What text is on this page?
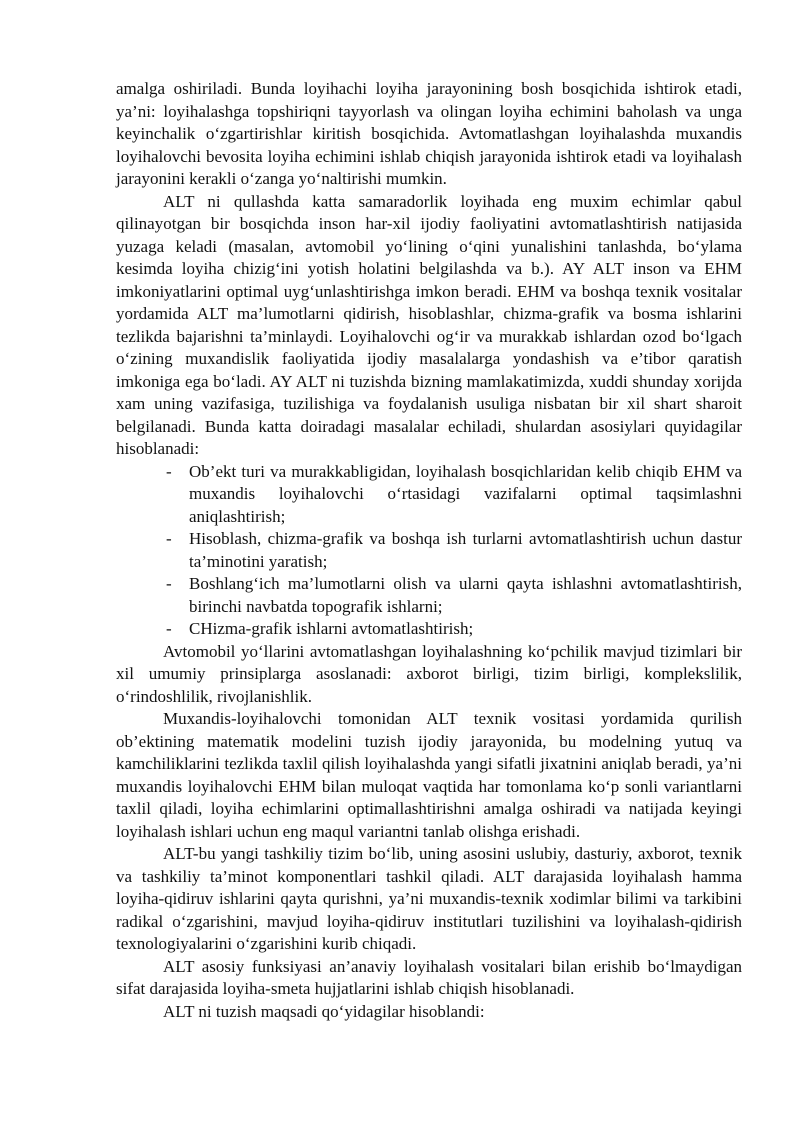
amalga oshiriladi. Bunda loyihachi loyiha jarayonining bosh bosqichida ishtirok etadi, ya’ni: loyihalashga topshiriqni tayyorlash va olingan loyiha echimini baholash va unga keyinchalik o‘zgartirishlar kiritish bosqichida. Avtomatlashgan loyihalashda muxandis loyihalovchi bevosita loyiha echimini ishlab chiqish jarayonida ishtirok etadi va loyihalash jarayonini kerakli o‘zanga yo‘naltirishi mumkin.

ALT ni qullashda katta samaradorlik loyihada eng muxim echimlar qabul qilinayotgan bir bosqichda inson har-xil ijodiy faoliyatini avtomatlashtirish natijasida yuzaga keladi (masalan, avtomobil yo‘lining o‘qini yunalishini tanlashda, bo‘ylama kesimda loyiha chizig‘ini yotish holatini belgilashda va b.). AY ALT inson va EHM imkoniyatlarini optimal uyg‘unlashtirishga imkon beradi. EHM va boshqa texnik vositalar yordamida ALT ma’lumotlarni qidirish, hisoblashlar, chizma-grafik va bosma ishlarini tezlikda bajarishni ta’minlaydi. Loyihalovchi og‘ir va murakkab ishlardan ozod bo‘lgach o‘zining muxandislik faoliyatida ijodiy masalalarga yondashish va e’tibor qaratish imkoniga ega bo‘ladi. AY ALT ni tuzishda bizning mamlakatimizda, xuddi shunday xorijda xam uning vazifasiga, tuzilishiga va foydalanish usuliga nisbatan bir xil shart sharoit belgilanadi. Bunda katta doiradagi masalalar echiladi, shulardan asosiylari quyidagilar hisoblanadi:

- Ob’ekt turi va murakkabligidan, loyihalash bosqichlaridan kelib chiqib EHM va muxandis loyihalovchi o‘rtasidagi vazifalarni optimal taqsimlashni aniqlashtirish;
- Hisoblash, chizma-grafik va boshqa ish turlarni avtomatlashtirish uchun dastur ta’minotini yaratish;
- Boshlang‘ich ma’lumotlarni olish va ularni qayta ishlashni avtomatlashtirish, birinchi navbatda topografik ishlarni;
- CHizma-grafik ishlarni avtomatlashtirish;

Avtomobil yo‘llarini avtomatlashgan loyihalashning ko‘pchilik mavjud tizimlari bir xil umumiy prinsiplarga asoslanadi: axborot birligi, tizim birligi, komplekslilik, o‘rindoshlilik, rivojlanishlik.

Muxandis-loyihalovchi tomonidan ALT texnik vositasi yordamida qurilish ob’ektining matematik modelini tuzish ijodiy jarayonida, bu modelning yutuq va kamchiliklarini tezlikda taxlil qilish loyihalashda yangi sifatli jixatnini aniqlab beradi, ya’ni muxandis loyihalovchi EHM bilan muloqat vaqtida har tomonlama ko‘p sonli variantlarni taxlil qiladi, loyiha echimlarini optimallashtirishni amalga oshiradi va natijada keyingi loyihalash ishlari uchun eng maqul variantni tanlab olishga erishadi.

ALT-bu yangi tashkiliy tizim bo‘lib, uning asosini uslubiy, dasturiy, axborot, texnik va tashkiliy ta’minot komponentlari tashkil qiladi. ALT darajasida loyihalash hamma loyiha-qidiruv ishlarini qayta qurishni, ya’ni muxandis-texnik xodimlar bilimi va tarkibini radikal o‘zgarishini, mavjud loyiha-qidiruv institutlari tuzilishini va loyihalash-qidirish texnologiyalarini o‘zgarishini kurib chiqadi.

ALT asosiy funksiyasi an’anaviy loyihalash vositalari bilan erishib bo‘lmaydigan sifat darajasida loyiha-smeta hujjatlarini ishlab chiqish hisoblanadi.

ALT ni tuzish maqsadi qo‘yidagilar hisoblandi:
